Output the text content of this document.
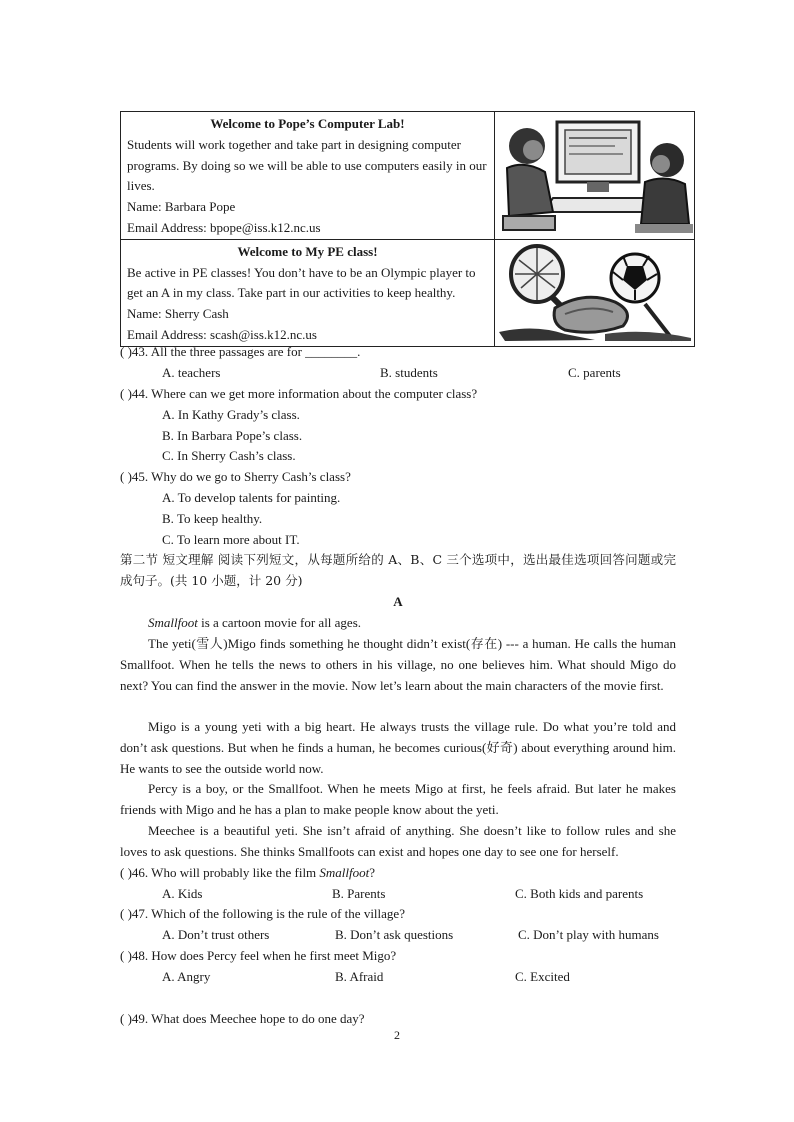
Welcome to Pope’s Computer Lab!
Students will work together and take part in designing computer programs. By doing so we will be able to use computers easily in our lives.
Name: Barbara Pope
Email Address: bpope@iss.k12.nc.us

Welcome to My PE class!
Be active in PE classes! You don’t have to be an Olympic player to get an A in my class. Take part in our activities to keep healthy.
Name: Sherry Cash
Email Address: scash@iss.k12.nc.us

( )43. All the three passages are for ________.
A. teachers	B. students	C. parents
( )44. Where can we get more information about the computer class?
A. In Kathy Grady’s class.
B. In Barbara Pope’s class.
C. In Sherry Cash’s class.
( )45. Why do we go to Sherry Cash’s class?
A. To develop talents for painting.
B. To keep healthy.
C. To learn more about IT.
第二节 短文理解 阅读下列短文，从每题所给的 A、B、C 三个选项中，选出最佳选项回答问题或完成句子。(共 10 小题，计 20 分)
A
Smallfoot is a cartoon movie for all ages.
The yeti(雪人)Migo finds something he thought didn’t exist(存在) --- a human. He calls the human Smallfoot. When he tells the news to others in his village, no one believes him. What should Migo do next? You can find the answer in the movie. Now let’s learn about the main characters of the movie first.
Migo is a young yeti with a big heart. He always trusts the village rule. Do what you’re told and don’t ask questions. But when he finds a human, he becomes curious(好奇) about everything around him. He wants to see the outside world now.
Percy is a boy, or the Smallfoot. When he meets Migo at first, he feels afraid. But later he makes friends with Migo and he has a plan to make people know about the yeti.
Meechee is a beautiful yeti. She isn’t afraid of anything. She doesn’t like to follow rules and she loves to ask questions. She thinks Smallfoots can exist and hopes one day to see one for herself.
( )46. Who will probably like the film Smallfoot?
A. Kids	B. Parents	C. Both kids and parents
( )47. Which of the following is the rule of the village?
A. Don’t trust others	B. Don’t ask questions	C. Don’t play with humans
( )48. How does Percy feel when he first meet Migo?
A. Angry	B. Afraid	C. Excited
( )49. What does Meechee hope to do one day?
2
